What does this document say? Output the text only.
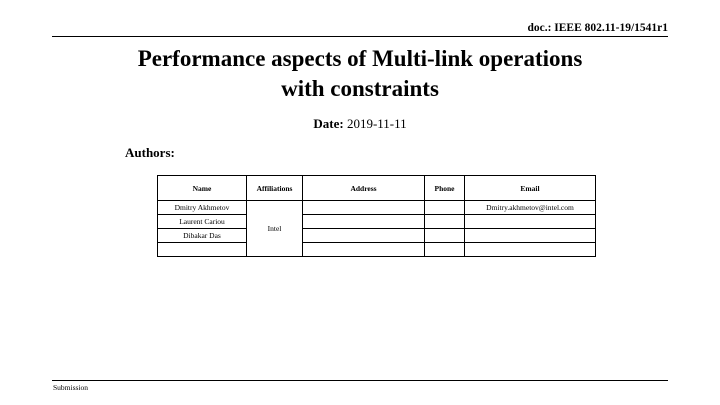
doc.: IEEE 802.11-19/1541r1
Performance aspects of Multi-link operations
with constraints
Date: 2019-11-11
Authors:
Name	Affiliations	Address	Phone	Email
Dmitry Akhmetov	Intel			Dmitry.akhmetov@intel.com
Laurent Cariou				
Dibakar Das				

Submission
